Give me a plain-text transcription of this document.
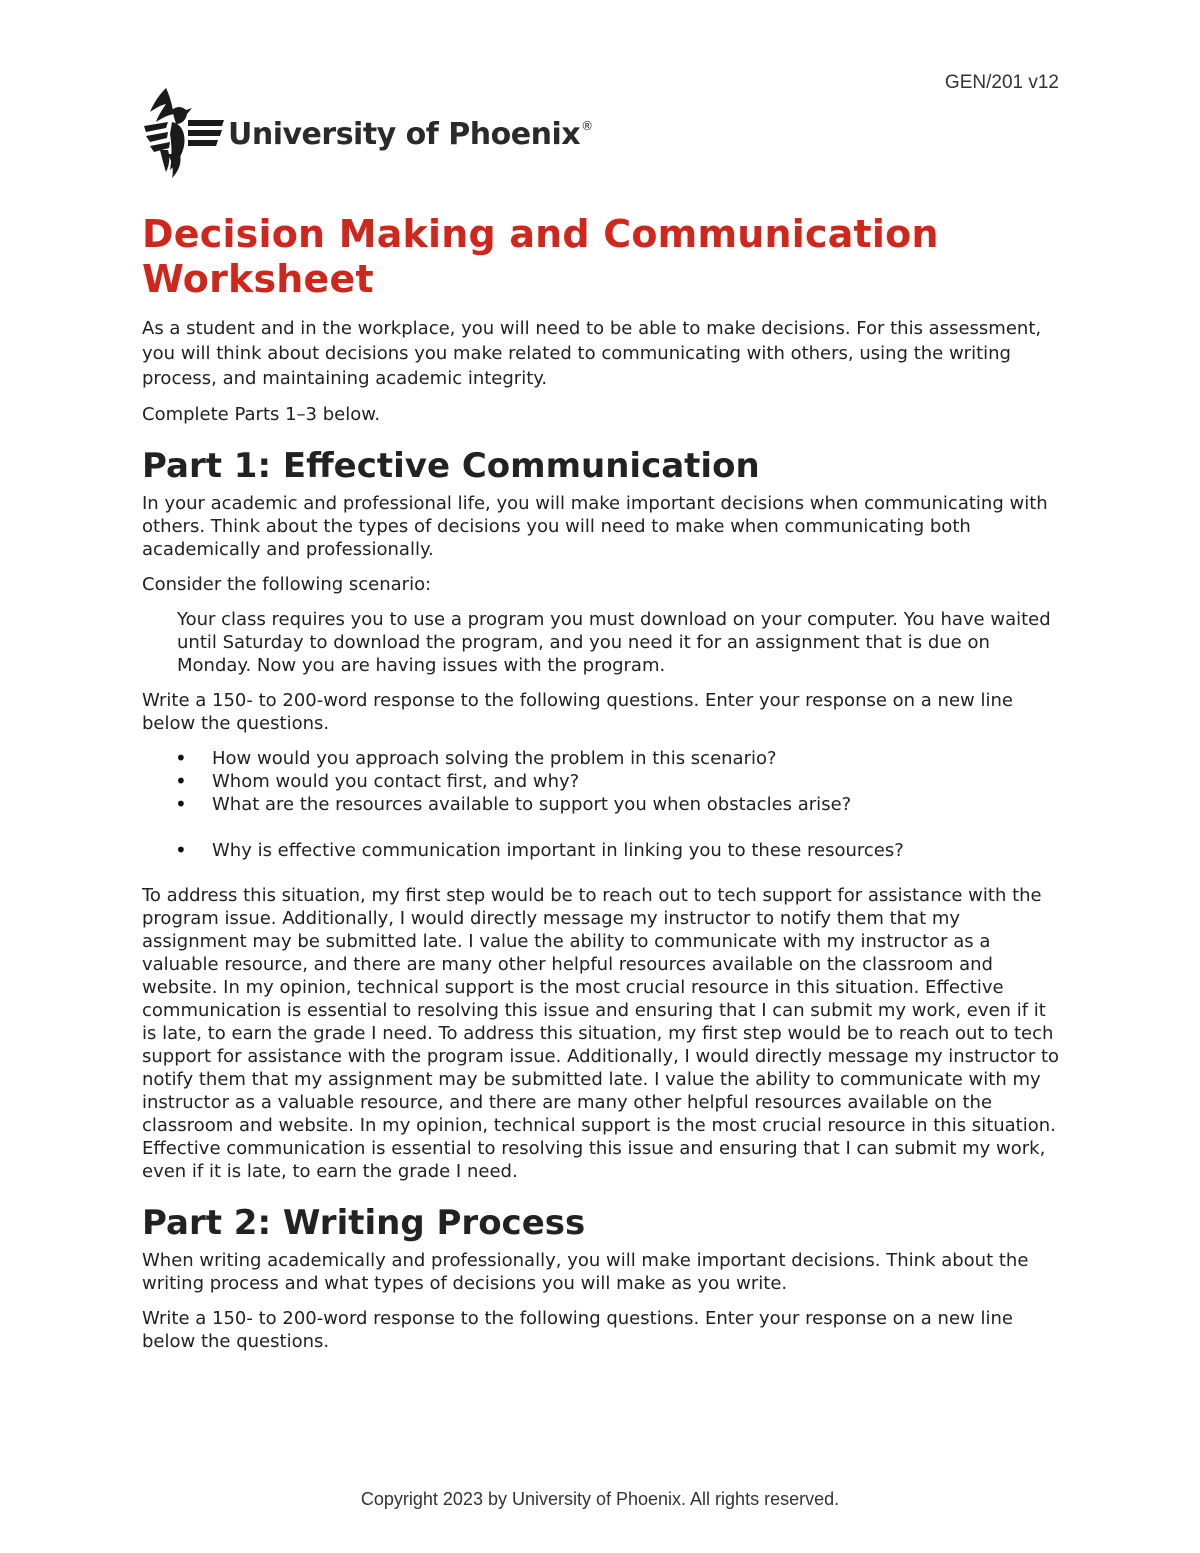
GEN/201 v12
University of Phoenix®
Decision Making and Communication Worksheet

As a student and in the workplace, you will need to be able to make decisions. For this assessment, you will think about decisions you make related to communicating with others, using the writing process, and maintaining academic integrity.

Complete Parts 1–3 below.

Part 1: Effective Communication

In your academic and professional life, you will make important decisions when communicating with others. Think about the types of decisions you will need to make when communicating both academically and professionally.

Consider the following scenario:

Your class requires you to use a program you must download on your computer. You have waited until Saturday to download the program, and you need it for an assignment that is due on Monday. Now you are having issues with the program.

Write a 150- to 200-word response to the following questions. Enter your response on a new line below the questions.

• How would you approach solving the problem in this scenario?
• Whom would you contact first, and why?
• What are the resources available to support you when obstacles arise?
• Why is effective communication important in linking you to these resources?

To address this situation, my first step would be to reach out to tech support for assistance with the program issue. Additionally, I would directly message my instructor to notify them that my assignment may be submitted late. I value the ability to communicate with my instructor as a valuable resource, and there are many other helpful resources available on the classroom and website. In my opinion, technical support is the most crucial resource in this situation. Effective communication is essential to resolving this issue and ensuring that I can submit my work, even if it is late, to earn the grade I need. To address this situation, my first step would be to reach out to tech support for assistance with the program issue. Additionally, I would directly message my instructor to notify them that my assignment may be submitted late. I value the ability to communicate with my instructor as a valuable resource, and there are many other helpful resources available on the classroom and website. In my opinion, technical support is the most crucial resource in this situation. Effective communication is essential to resolving this issue and ensuring that I can submit my work, even if it is late, to earn the grade I need.

Part 2: Writing Process

When writing academically and professionally, you will make important decisions. Think about the writing process and what types of decisions you will make as you write.

Write a 150- to 200-word response to the following questions. Enter your response on a new line below the questions.

Copyright 2023 by University of Phoenix. All rights reserved.
